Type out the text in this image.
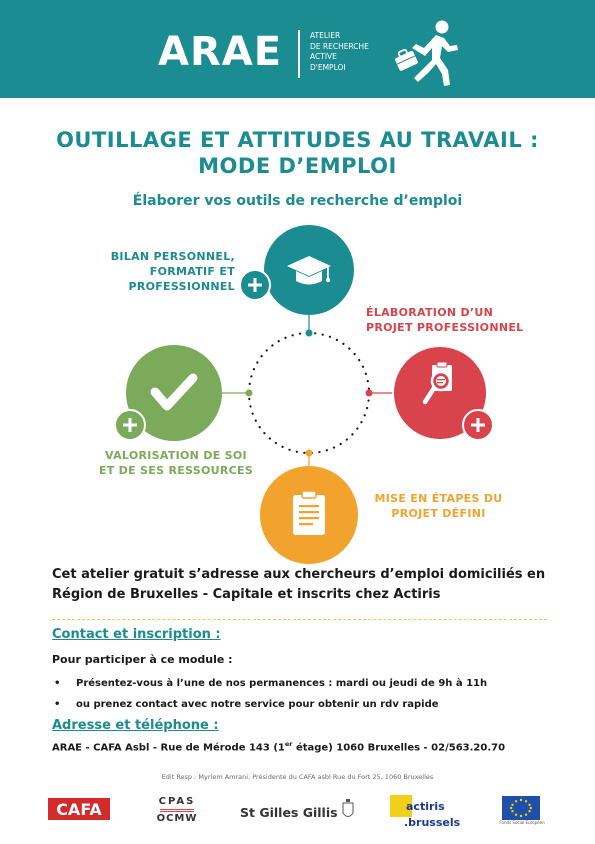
ARAE	ATELIER
DE RECHERCHE
ACTIVE
D'EMPLOI
OUTILLAGE ET ATTITUDES AU TRAVAIL :
MODE D’EMPLOI
Élaborer vos outils de recherche d’emploi
BILAN PERSONNEL,
FORMATIF ET
PROFESSIONNEL
ÉLABORATION D’UN
PROJET PROFESSIONNEL
VALORISATION DE SOI
ET DE SES RESSOURCES
MISE EN ÉTAPES DU
PROJET DÉFINI
Cet atelier gratuit s’adresse aux chercheurs d’emploi domiciliés en
Région de Bruxelles - Capitale et inscrits chez Actiris
Contact et inscription :
Pour participer à ce module :
• Présentez-vous à l’une de nos permanences : mardi ou jeudi de 9h à 11h
• ou prenez contact avec notre service pour obtenir un rdv rapide
Adresse et téléphone :
ARAE - CAFA Asbl - Rue de Mérode 143 (1er étage) 1060 Bruxelles - 02/563.20.70
Edit Resp : Myriem Amrani, Présidente du CAFA asbl Rue du Fort 25, 1060 Bruxelles
CAFA	CPAS
OCMW	St Gilles Gillis	actiris
.brussels	Fonds Social Européen
